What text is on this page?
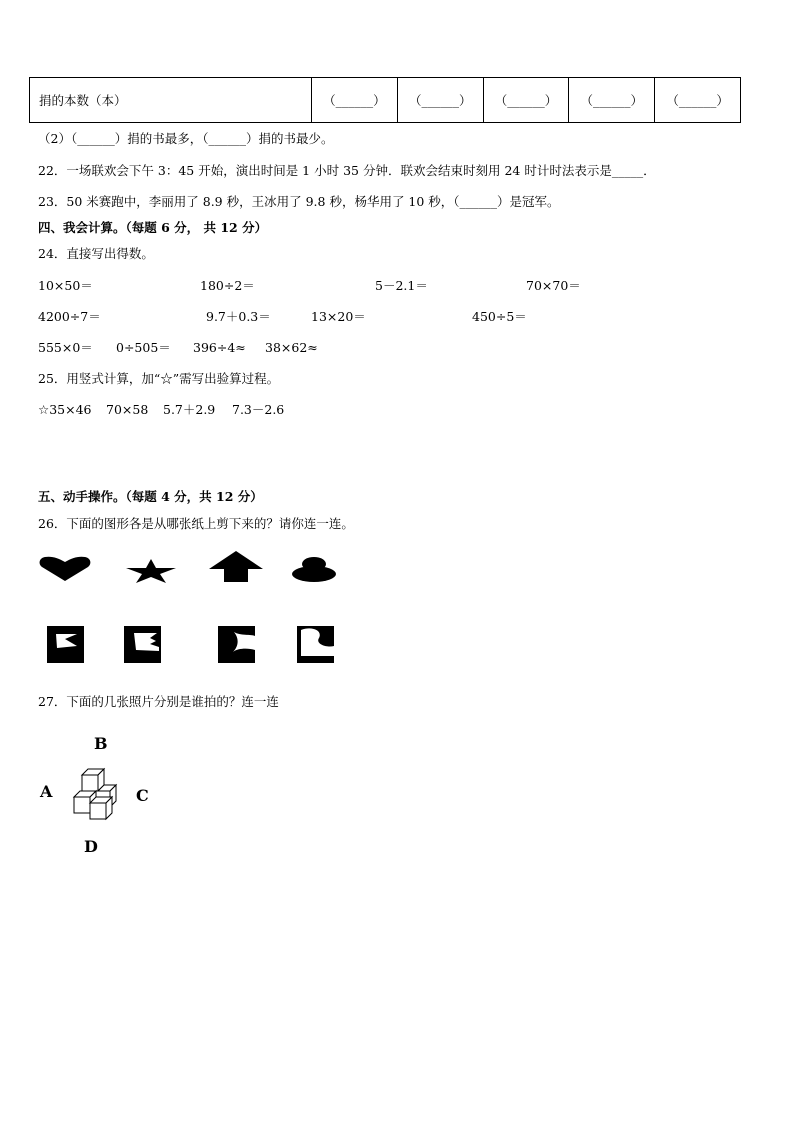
捐的本数（本）	（______）	（______）	（______）	（______）	（______）
（2）（______）捐的书最多，（______）捐的书最少。
22．一场联欢会下午 3：45 开始，演出时间是 1 小时 35 分钟．联欢会结束时刻用 24 时计时法表示是_____．
23．50 米赛跑中，李丽用了 8.9 秒，王冰用了 9.8 秒，杨华用了 10 秒，（______）是冠军。
四、我会计算。（每题 6 分， 共 12 分）
24．直接写出得数。
10×50＝	180÷2＝	5－2.1＝	70×70＝
4200÷7＝	9.7＋0.3＝	13×20＝	450÷5＝
555×0＝ 0÷505＝ 396÷4≈ 38×62≈
25．用竖式计算，加“☆”需写出验算过程。
☆35×46 70×58 5.7＋2.9 7.3－2.6
五、动手操作。（每题 4 分，共 12 分）
26．下面的图形各是从哪张纸上剪下来的？请你连一连。
27．下面的几张照片分别是谁拍的？连一连
B
A	C
D
